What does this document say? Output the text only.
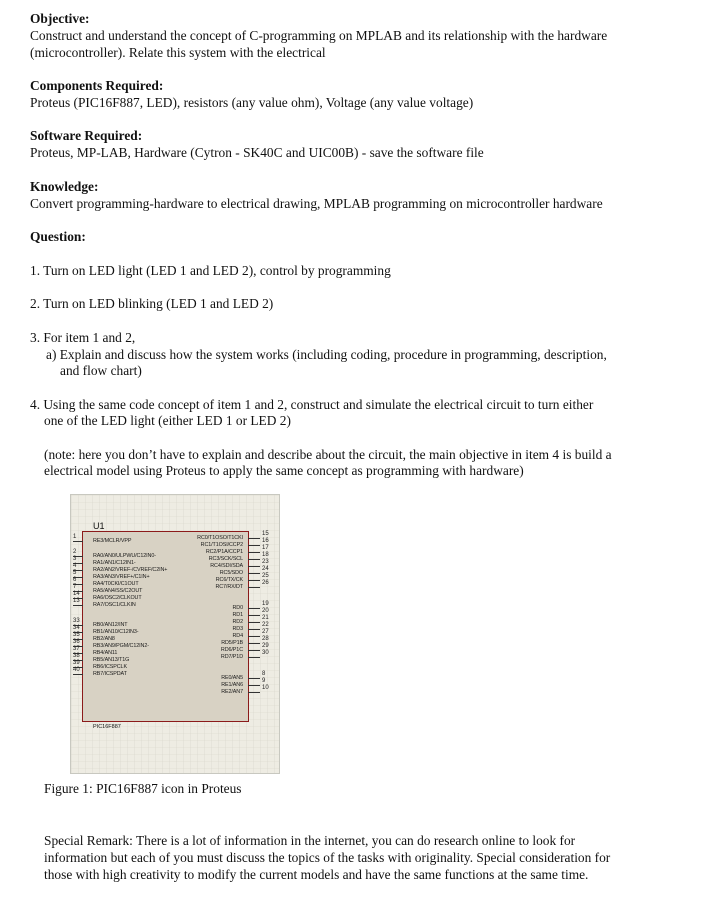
Objective:
Construct and understand the concept of C-programming on MPLAB and its relationship with the hardware
(microcontroller). Relate this system with the electrical
Components Required:
Proteus (PIC16F887, LED), resistors (any value ohm), Voltage (any value voltage)
Software Required:
Proteus, MP-LAB, Hardware (Cytron - SK40C and UIC00B) - save the software file
Knowledge:
Convert programming-hardware to electrical drawing, MPLAB programming on microcontroller hardware
Question:
1. Turn on LED light (LED 1 and LED 2), control by programming
2. Turn on LED blinking (LED 1 and LED 2)
3. For item 1 and 2,
a) Explain and discuss how the system works (including coding, procedure in programming, description,
and flow chart)
4. Using the same code concept of item 1 and 2, construct and simulate the electrical circuit to turn either
one of the LED light (either LED 1 or LED 2)
(note: here you don’t have to explain and describe about the circuit, the main objective in item 4 is build a
electrical model using Proteus to apply the same concept as programming with hardware)
U1
1
RE3/MCLR/VPP
2
RA0/AN0/ULPWU/C12IN0-
3
RA1/AN1/C12IN1-
4
RA2/AN2/VREF-/CVREF/C2IN+
5
RA3/AN3/VREF+/C1IN+
6
RA4/T0CKI/C1OUT
7
RA5/AN4/SS/C2OUT
14
RA6/OSC2/CLKOUT
13
RA7/OSC1/CLKIN
33
RB0/AN12/INT
34
RB1/AN10/C12IN3-
35
RB2/AN8
36
RB3/AN9/PGM/C12IN2-
37
RB4/AN11
38
RB5/AN13/T1G
39
RB6/ICSPCLK
40
RB7/ICSPDAT
15
RC0/T1OSO/T1CKI	16
RC1/T1OSI/CCP2	17
RC2/P1A/CCP1	18
RC3/SCK/SCL	23
RC4/SDI/SDA	24
RC5/SDO	25
RC6/TX/CK	26
RC7/RX/DT
19
RD0	20
RD1	21
RD2	22
RD3	27
RD4	28
RD5/P1B	29
RD6/P1C	30
RD7/P1D
8
RE0/AN5	9
RE1/AN6	10
RE2/AN7
PIC16F887
Figure 1: PIC16F887 icon in Proteus
Special Remark: There is a lot of information in the internet, you can do research online to look for
information but each of you must discuss the topics of the tasks with originality. Special consideration for
those with high creativity to modify the current models and have the same functions at the same time.
